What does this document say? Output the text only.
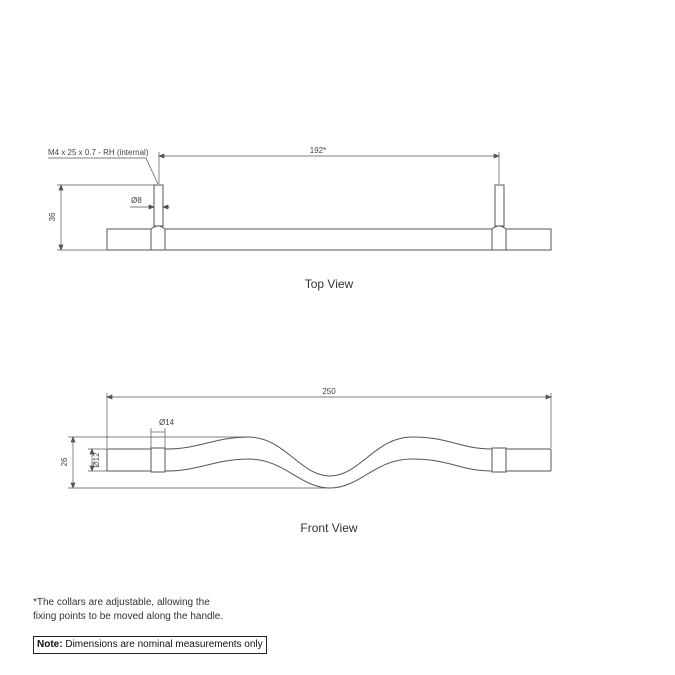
M4 x 25 x 0.7 - RH (internal)	192*
Ø8
36
Top View
250
Ø14
Ø12
26
Front View
*The collars are adjustable, allowing the
fixing points to be moved along the handle.
Note: Dimensions are nominal measurements only
